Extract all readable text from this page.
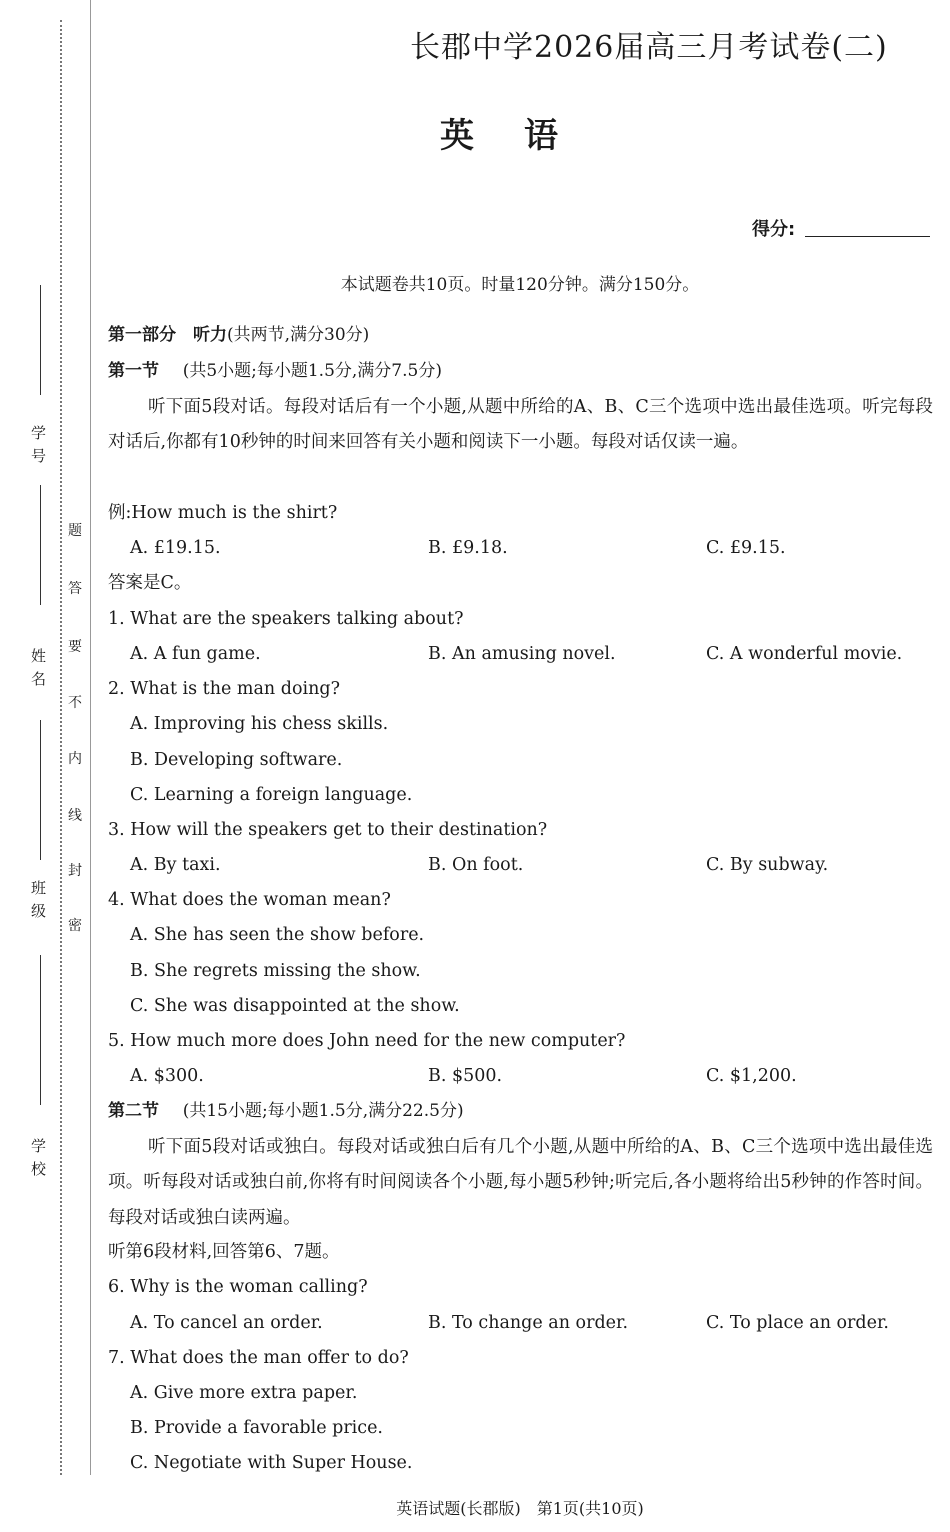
学号
姓名
班级
学校
题
答
要
不
内
线
封
密
长郡中学2026届高三月考试卷(二)
英语
得分:
本试题卷共10页。时量120分钟。满分150分。
第一部分　听力(共两节,满分30分)
第一节 (共5小题;每小题1.5分,满分7.5分)
听下面5段对话。每段对话后有一个小题,从题中所给的A、B、C三个选项中选出最佳选项。听完每段对话后,你都有10秒钟的时间来回答有关小题和阅读下一小题。每段对话仅读一遍。
例:How much is the shirt?
A. £19.15.	B. £9.18.	C. £9.15.
答案是C。
1. What are the speakers talking about?
A. A fun game.	B. An amusing novel.	C. A wonderful movie.
2. What is the man doing?
A. Improving his chess skills.
B. Developing software.
C. Learning a foreign language.
3. How will the speakers get to their destination?
A. By taxi.	B. On foot.	C. By subway.
4. What does the woman mean?
A. She has seen the show before.
B. She regrets missing the show.
C. She was disappointed at the show.
5. How much more does John need for the new computer?
A. $300.	B. $500.	C. $1,200.
第二节 (共15小题;每小题1.5分,满分22.5分)
听下面5段对话或独白。每段对话或独白后有几个小题,从题中所给的A、B、C三个选项中选出最佳选项。听每段对话或独白前,你将有时间阅读各个小题,每小题5秒钟;听完后,各小题将给出5秒钟的作答时间。每段对话或独白读两遍。
听第6段材料,回答第6、7题。
6. Why is the woman calling?
A. To cancel an order.	B. To change an order.	C. To place an order.
7. What does the man offer to do?
A. Give more extra paper.
B. Provide a favorable price.
C. Negotiate with Super House.
英语试题(长郡版)　第1页(共10页)
